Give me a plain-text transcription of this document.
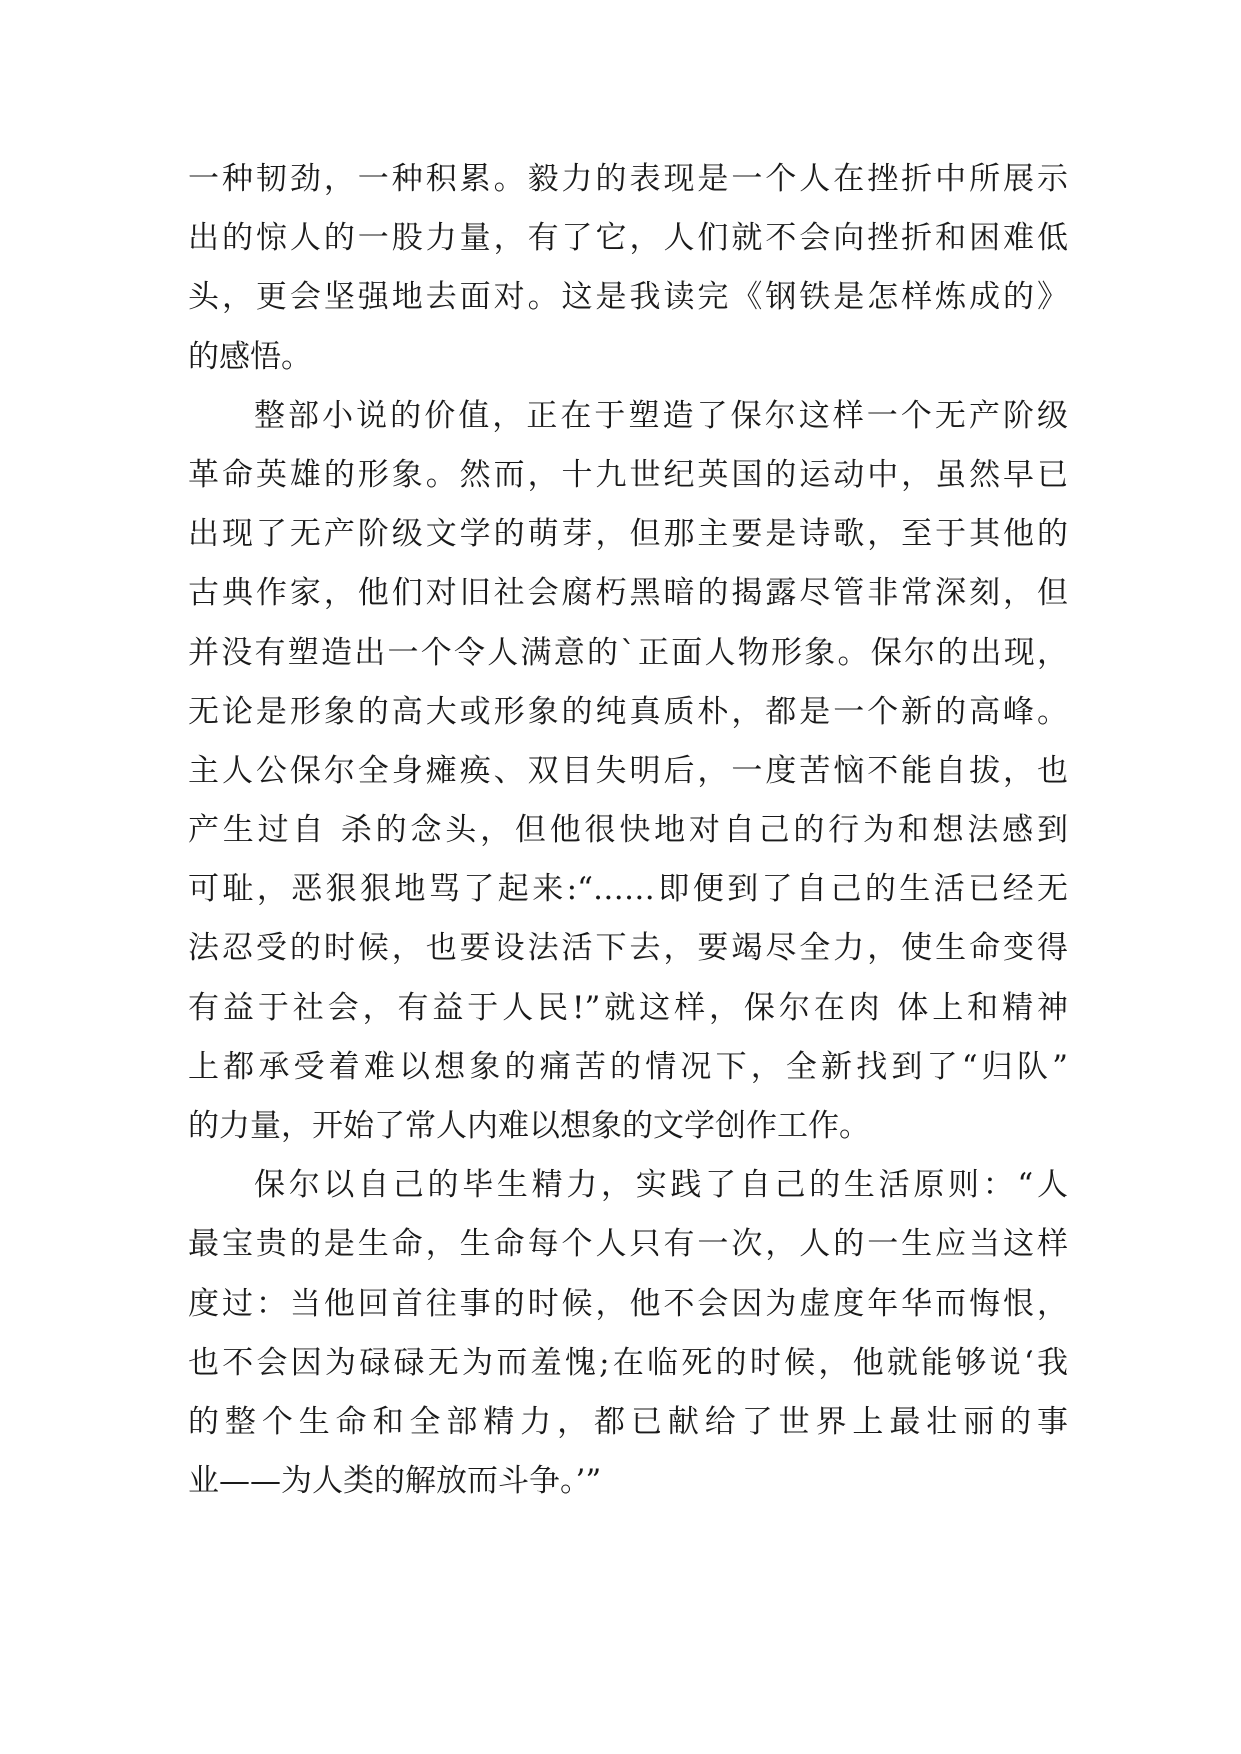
一种韧劲，一种积累。毅力的表现是一个人在挫折中所展示
出的惊人的一股力量，有了它，人们就不会向挫折和困难低
头，更会坚强地去面对。这是我读完《钢铁是怎样炼成的》
的感悟。
整部小说的价值，正在于塑造了保尔这样一个无产阶级
革命英雄的形象。然而，十九世纪英国的运动中，虽然早已
出现了无产阶级文学的萌芽，但那主要是诗歌，至于其他的
古典作家，他们对旧社会腐朽黑暗的揭露尽管非常深刻，但
并没有塑造出一个令人满意的`正面人物形象。保尔的出现，
无论是形象的高大或形象的纯真质朴，都是一个新的高峰。
主人公保尔全身瘫痪、双目失明后，一度苦恼不能自拔，也
产生过自 杀的念头，但他很快地对自己的行为和想法感到
可耻，恶狠狠地骂了起来:“……即便到了自己的生活已经无
法忍受的时候，也要设法活下去，要竭尽全力，使生命变得
有益于社会，有益于人民!”就这样，保尔在肉 体上和精神
上都承受着难以想象的痛苦的情况下，全新找到了“归队”
的力量，开始了常人内难以想象的文学创作工作。
保尔以自己的毕生精力，实践了自己的生活原则：“人
最宝贵的是生命，生命每个人只有一次，人的一生应当这样
度过：当他回首往事的时候，他不会因为虚度年华而悔恨，
也不会因为碌碌无为而羞愧;在临死的时候，他就能够说‘我
的整个生命和全部精力，都已献给了世界上最壮丽的事
业——为人类的解放而斗争。’”
